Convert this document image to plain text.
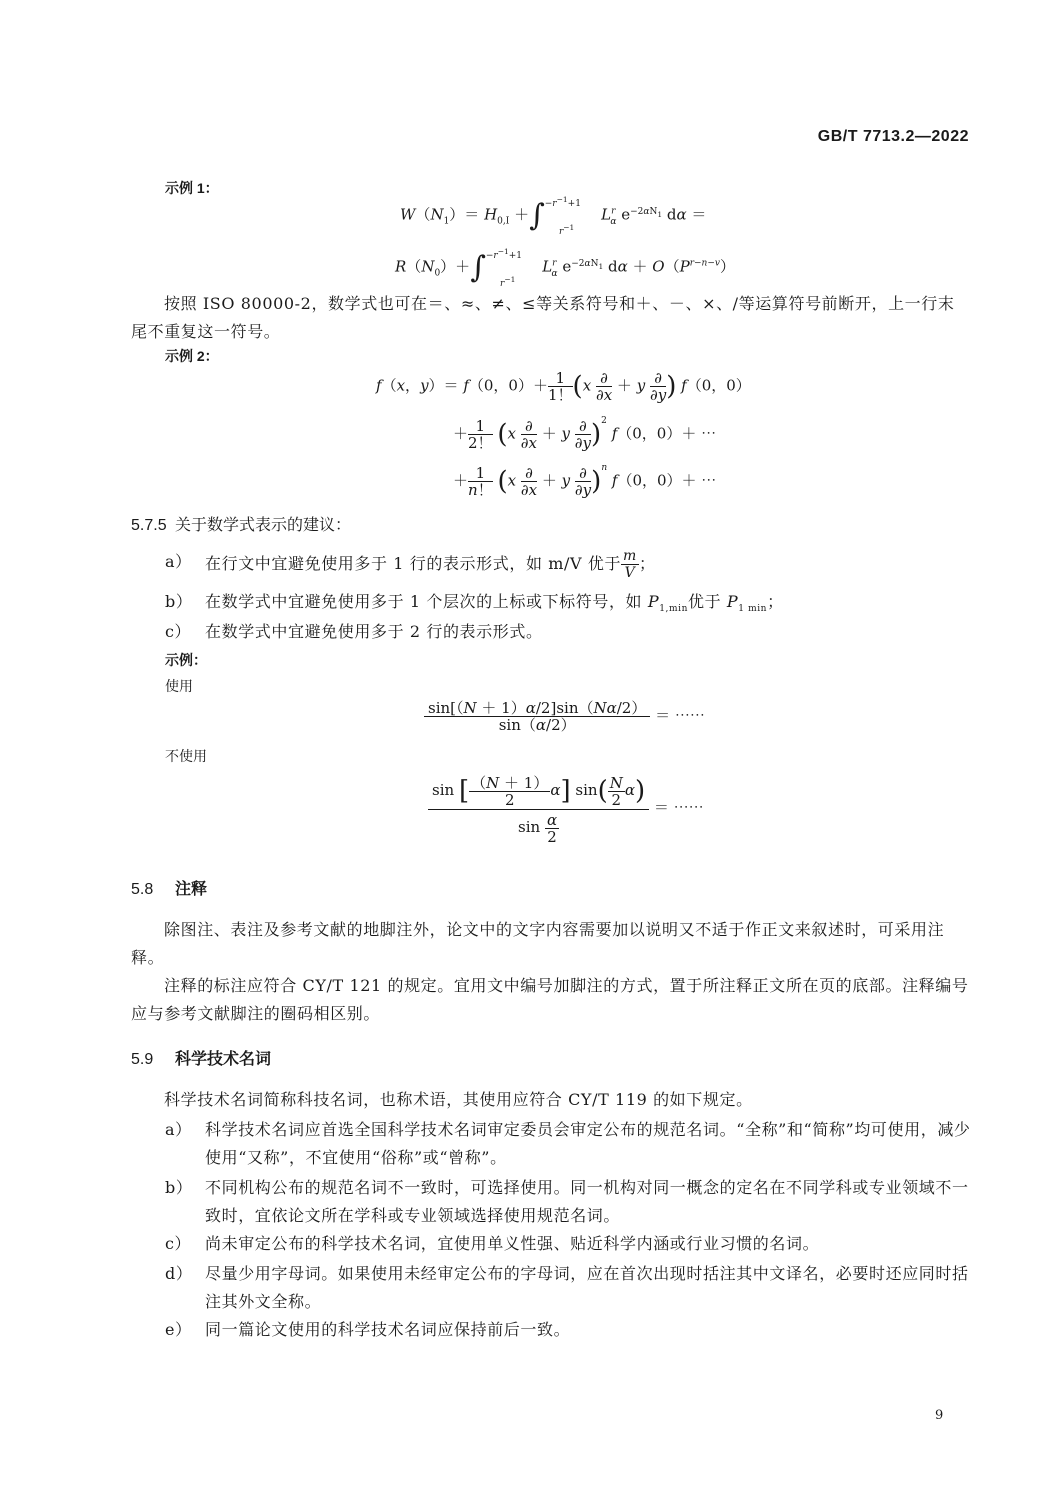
GB/T 7713.2—2022
示例 1：
$W(N_1)= H_{0,I} +\int^{-r^{-1}+1}_{r^{-1}}$ $L^r_\alpha$ $e^{-2\alpha N_1}$ dα ＝
$R(N_0)+\int^{-r^{-1}+1}_{r^{-1}}$ $L^r_\alpha$ $e^{-2\alpha N_1}$ $d\alpha + O(P^{r-n-v})$
按照 ISO 80000-2，数学式也可在＝、≈、≠、≤等关系符号和＋、－、×、/等运算符号前断开，上一行末尾不重复这一符号。
示例 2：
f（x，y）＝ f（0，$0)+ \frac{1}{1!} (x \frac{\partial}{\partial x} + y \frac{\partial}{\partial y}$ ) f（0，0）
＋ $\frac{1}{2!} (x \frac{\partial}{\partial x} + y \frac{\partial}{\partial y} )^2$ f（0，0）＋ ⋯
＋ $\frac{1}{n!} (x \frac{\partial}{\partial x} + y \frac{\partial}{\partial y} )^n$ f（0，0）＋ ⋯
5.7.5 关于数学式表示的建议：
a） 在行文中宜避免使用多于 1 行的表示形式，如 m/V 优于 $\frac{m}{V}$ ；
b） 在数学式中宜避免使用多于 1 个层次的上标或下标符号，如 $P_{1,min}$优于 $P_{1 min}$；
c） 在数学式中宜避免使用多于 2 行的表示形式。
示例：
使用
$\frac{\sin[(N + 1)\alpha/2]\sin(N\alpha/2)}{\sin(\alpha/2)}$ ＝ ⋯⋯
不使用
$\frac{\sin [ \frac{(N + 1)}{2} \alpha] \sin( \frac{N}{2} \alpha)}{\sin \frac{\alpha}{2}}$ ＝ ⋯⋯
5.8 注释
除图注、表注及参考文献的地脚注外，论文中的文字内容需要加以说明又不适于作正文来叙述时，可采用注释。
注释的标注应符合 CY/T 121 的规定。宜用文中编号加脚注的方式，置于所注释正文所在页的底部。注释编号应与参考文献脚注的圈码相区别。
5.9 科学技术名词
科学技术名词简称科技名词，也称术语，其使用应符合 CY/T 119 的如下规定。
a） 科学技术名词应首选全国科学技术名词审定委员会审定公布的规范名词。“全称”和“简称”均可使用，减少使用“又称”，不宜使用“俗称”或“曾称”。
b） 不同机构公布的规范名词不一致时，可选择使用。同一机构对同一概念的定名在不同学科或专业领域不一致时，宜依论文所在学科或专业领域选择使用规范名词。
c） 尚未审定公布的科学技术名词，宜使用单义性强、贴近科学内涵或行业习惯的名词。
d） 尽量少用字母词。如果使用未经审定公布的字母词，应在首次出现时括注其中文译名，必要时还应同时括注其外文全称。
e） 同一篇论文使用的科学技术名词应保持前后一致。
9
